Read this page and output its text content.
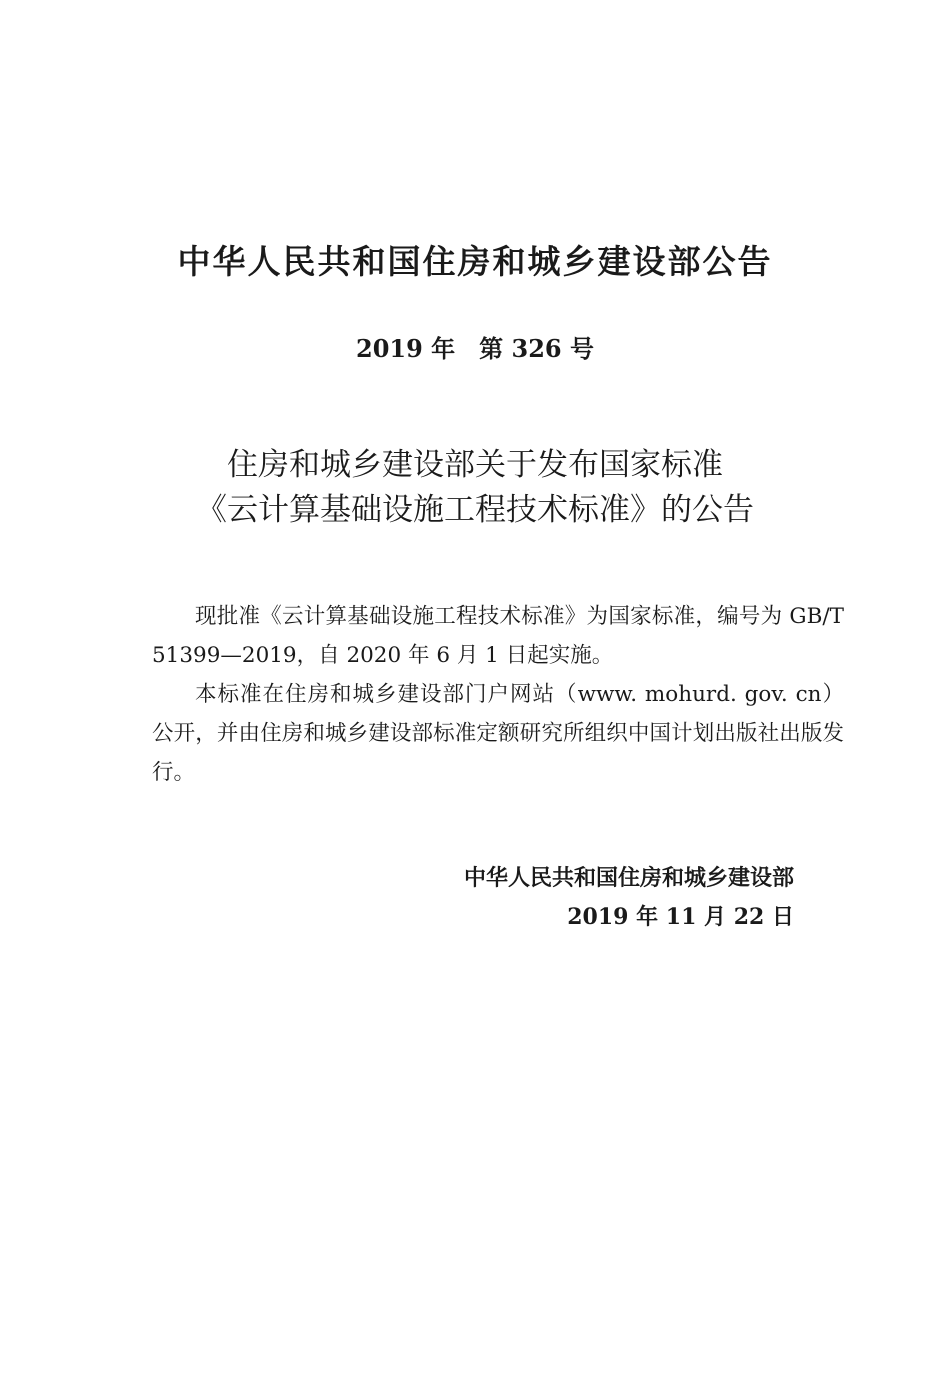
中华人民共和国住房和城乡建设部公告
2019 年　第 326 号
住房和城乡建设部关于发布国家标准
《云计算基础设施工程技术标准》的公告

现批准《云计算基础设施工程技术标准》为国家标准，编号为 GB/T 51399—2019，自 2020 年 6 月 1 日起实施。

本标准在住房和城乡建设部门户网站（www. mohurd. gov. cn）公开，并由住房和城乡建设部标准定额研究所组织中国计划出版社出版发行。

中华人民共和国住房和城乡建设部
2019 年 11 月 22 日
